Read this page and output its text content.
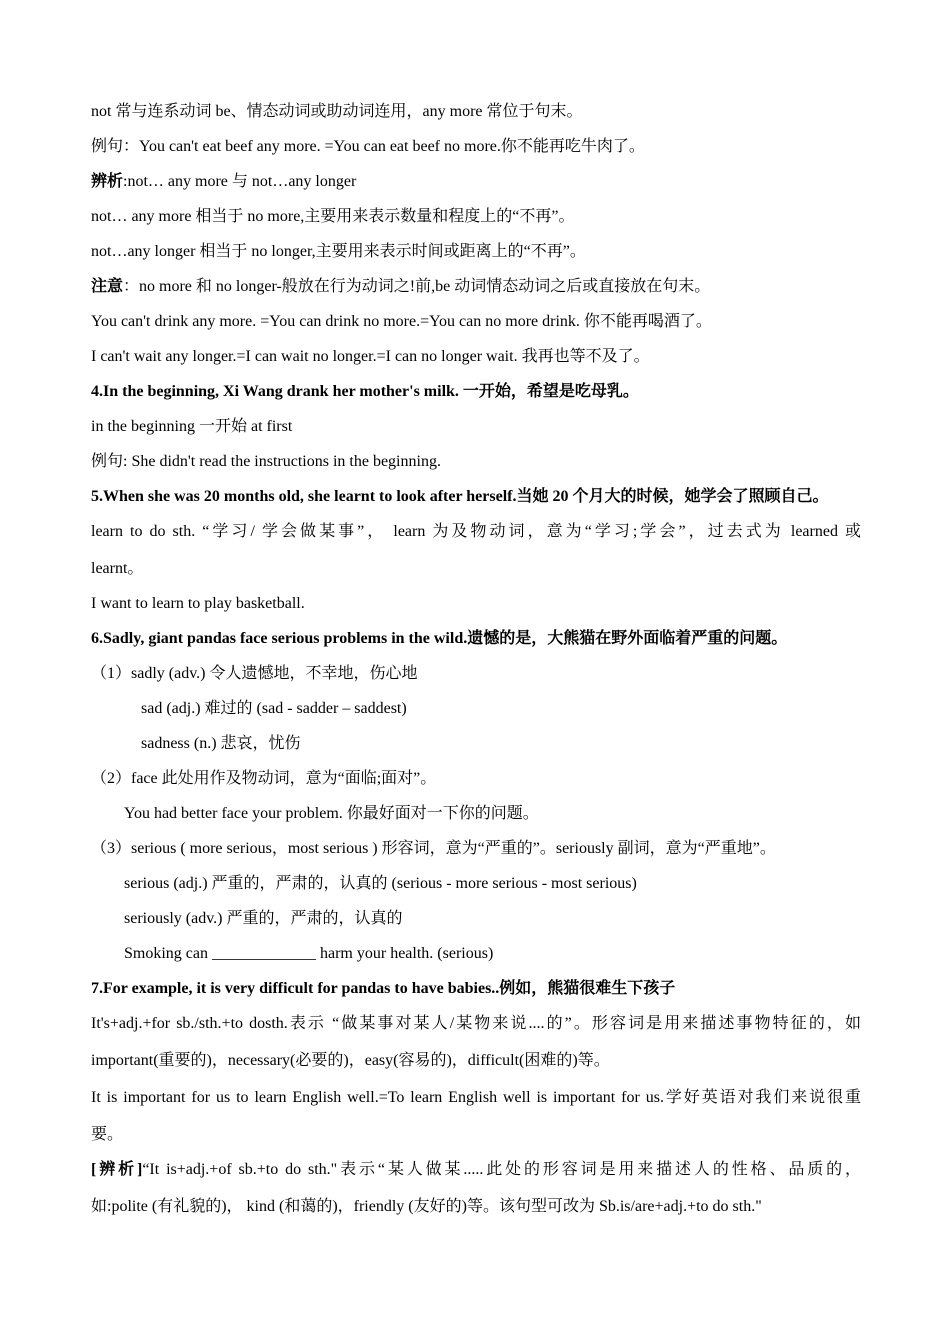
not 常与连系动词 be、情态动词或助动词连用，any more 常位于句末。
例句：You can't eat beef any more. =You can eat beef no more.你不能再吃牛肉了。
辨析:not… any more 与 not…any longer
not… any more 相当于 no more,主要用来表示数量和程度上的“不再”。
not…any longer 相当于 no longer,主要用来表示时间或距离上的“不再”。
注意：no more 和 no longer-般放在行为动词之!前,be 动词情态动词之后或直接放在句末。
You can't drink any more. =You can drink no more.=You can no more drink. 你不能再喝酒了。
I can't wait any longer.=I can wait no longer.=I can no longer wait. 我再也等不及了。
4.In the beginning, Xi Wang drank her mother's milk. 一开始，希望是吃母乳。
in the beginning 一开始 at first
例句: She didn't read the instructions in the beginning.
5.When she was 20 months old, she learnt to look after herself.当她 20 个月大的时候，她学会了照顾自己。
learn to do sth. “学习/ 学会做某事”， learn 为及物动词，意为“学习;学会”，过去式为 learned 或
learnt。
I want to learn to play basketball.
6.Sadly, giant pandas face serious problems in the wild.遗憾的是，大熊猫在野外面临着严重的问题。
（1）sadly (adv.) 令人遗憾地，不幸地，伤心地
sad (adj.) 难过的 (sad - sadder – saddest)
sadness (n.) 悲哀，忧伤
（2）face 此处用作及物动词，意为“面临;面对”。
You had better face your problem. 你最好面对一下你的问题。
（3）serious ( more serious，most serious ) 形容词，意为“严重的”。seriously 副词，意为“严重地”。
serious (adj.) 严重的，严肃的，认真的 (serious - more serious - most serious)
seriously (adv.) 严重的，严肃的，认真的
Smoking can _____________ harm your health. (serious)
7.For example, it is very difficult for pandas to have babies..例如，熊猫很难生下孩子
It's+adj.+for sb./sth.+to dosth.表示 “做某事对某人/某物来说....的”。形容词是用来描述事物特征的，如
important(重要的)，necessary(必要的)，easy(容易的)，difficult(困难的)等。
It is important for us to learn English well.=To learn English well is important for us.学好英语对我们来说很重
要。
[辨析]“It is+adj.+of sb.+to do sth."表示“某人做某.....此处的形容词是用来描述人的性格、品质的，
如:polite (有礼貌的)， kind (和蔼的)，friendly (友好的)等。该句型可改为 Sb.is/are+adj.+to do sth."
